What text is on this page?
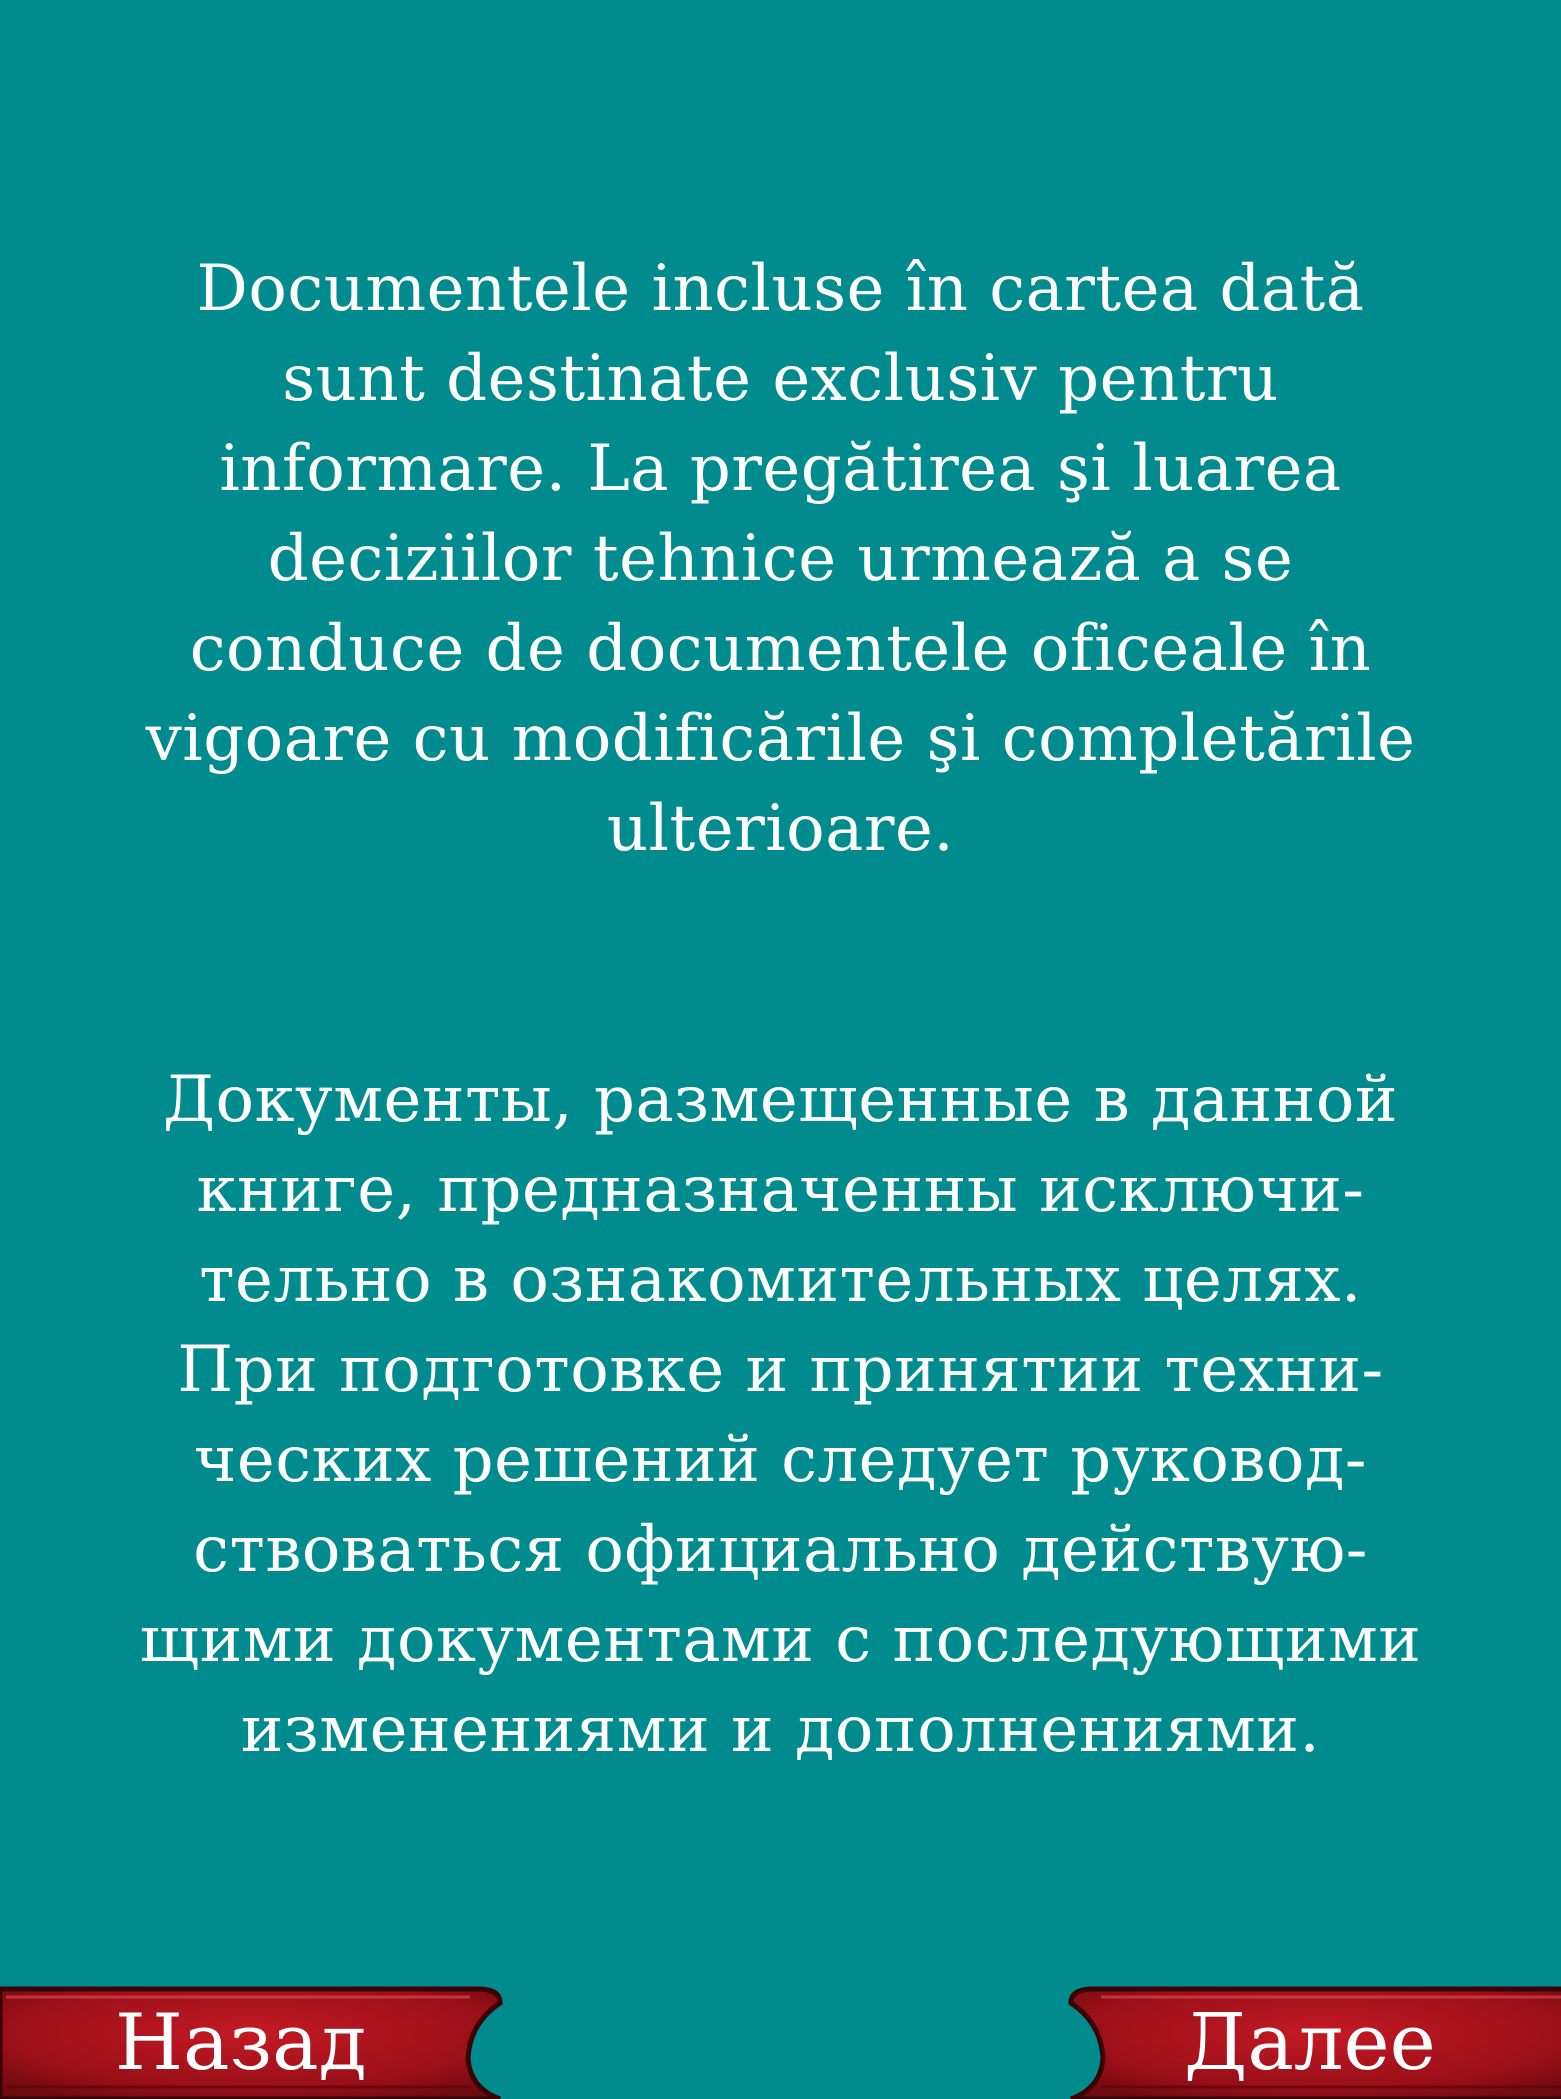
Documentele incluse în cartea dată
sunt destinate exclusiv pentru
informare. La pregătirea şi luarea
deciziilor tehnice urmează a se
conduce de documentele oficeale în
vigoare cu modificările şi completările
ulterioare.
Документы, размещенные в данной
книге, предназначенны исключи-
тельно в ознакомительных целях.
При подготовке и принятии техни-
ческих решений следует руковод-
ствоваться официально действую-
щими документами с последующими
изменениями и дополнениями.
Назад	Далее
